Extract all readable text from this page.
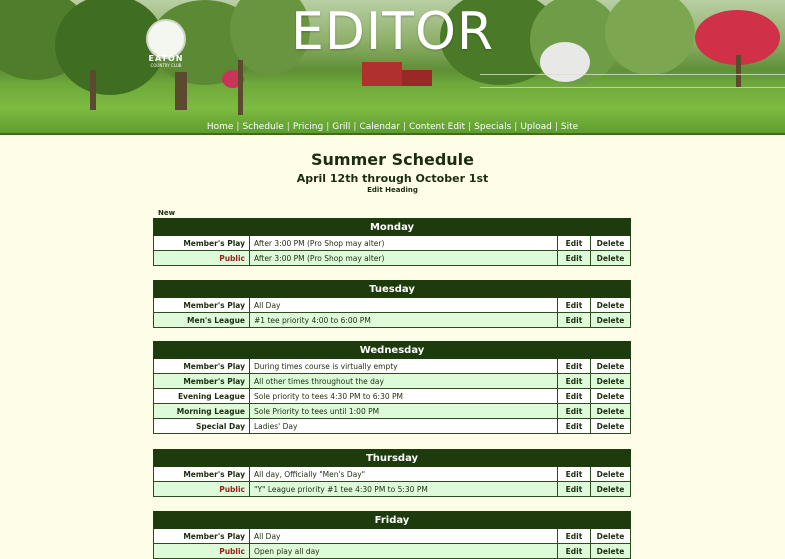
EATON
COUNTRY CLUB
EDITOR
Home | Schedule | Pricing | Grill | Calendar | Content Edit | Specials | Upload | Site
Summer Schedule
April 12th through October 1st
Edit Heading
New
Monday			
Member's Play	After 3:00 PM (Pro Shop may alter)	Edit	Delete
Public	After 3:00 PM (Pro Shop may alter)	Edit	Delete
Tuesday			
Member's Play	All Day	Edit	Delete
Men's League	#1 tee priority 4:00 to 6:00 PM	Edit	Delete
Wednesday			
Member's Play	During times course is virtually empty	Edit	Delete
Member's Play	All other times throughout the day	Edit	Delete
Evening League	Sole priority to tees 4:30 PM to 6:30 PM	Edit	Delete
Morning League	Sole Priority to tees until 1:00 PM	Edit	Delete
Special Day	Ladies' Day	Edit	Delete
Thursday			
Member's Play	All day, Officially "Men's Day"	Edit	Delete
Public	"Y" League priority #1 tee 4:30 PM to 5:30 PM	Edit	Delete
Friday			
Member's Play	All Day	Edit	Delete
Public	Open play all day	Edit	Delete
